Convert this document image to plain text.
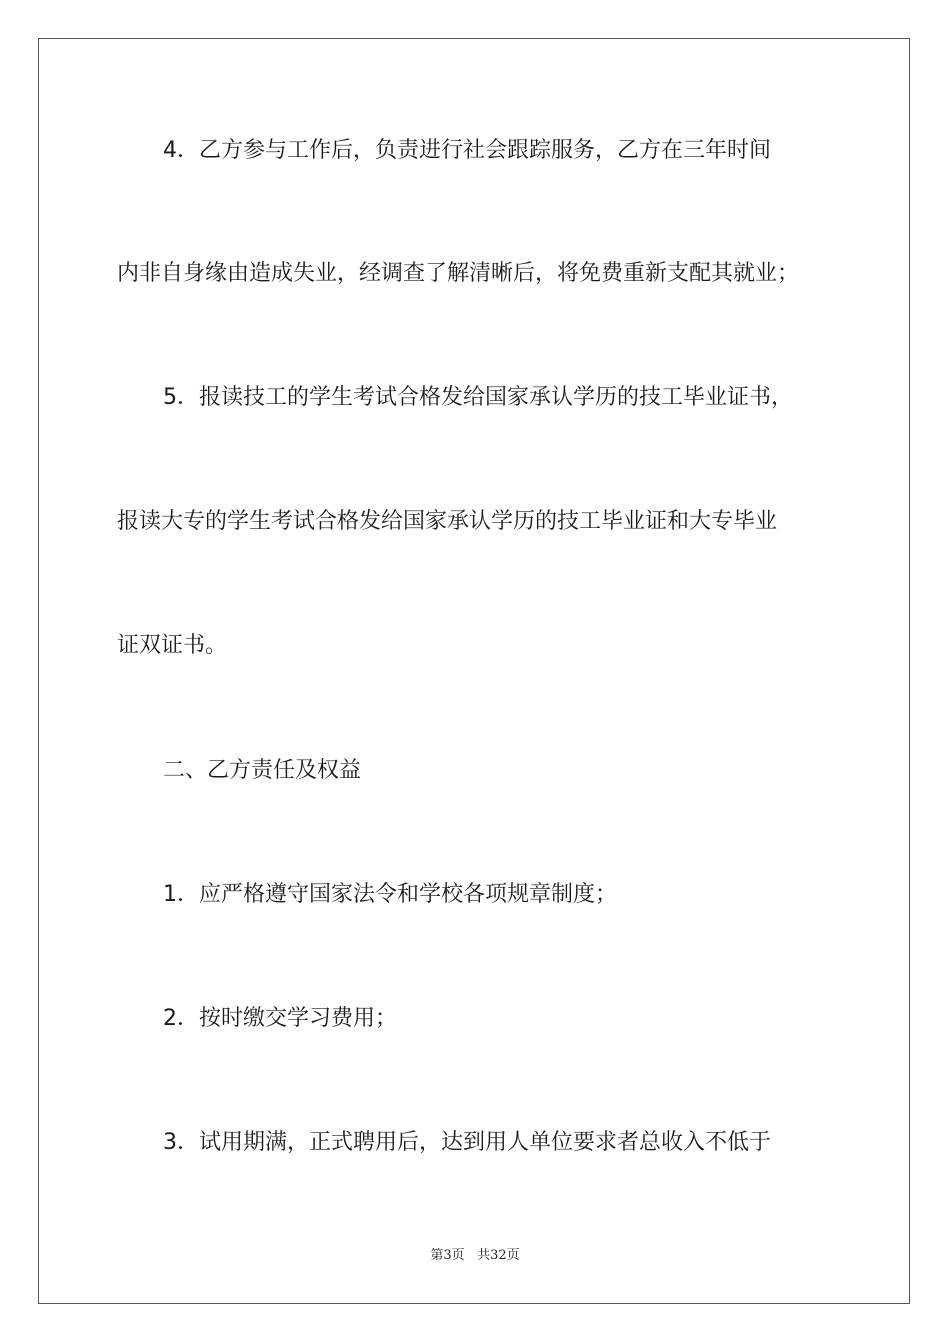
4．乙方参与工作后，负责进行社会跟踪服务，乙方在三年时间
内非自身缘由造成失业，经调查了解清晰后，将免费重新支配其就业；
5．报读技工的学生考试合格发给国家承认学历的技工毕业证书，
报读大专的学生考试合格发给国家承认学历的技工毕业证和大专毕业
证双证书。
二、乙方责任及权益
1．应严格遵守国家法令和学校各项规章制度；
2．按时缴交学习费用；
3．试用期满，正式聘用后，达到用人单位要求者总收入不低于
第3页 共32页
